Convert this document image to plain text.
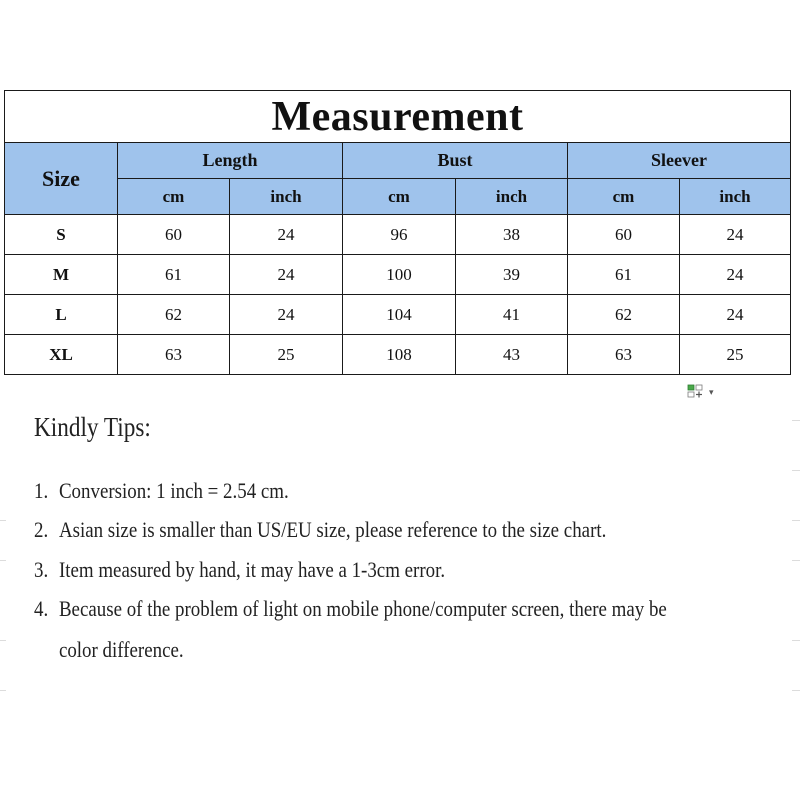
Measurement						
Size	Length		Bust		Sleever	
	cm	inch	cm	inch	cm	inch
S	60	24	96	38	60	24
M	61	24	100	39	61	24
L	62	24	104	41	62	24
XL	63	25	108	43	63	25
▾
Kindly Tips:
1. Conversion: 1 inch = 2.54 cm.
2. Asian size is smaller than US/EU size, please reference to the size chart.
3. Item measured by hand, it may have a 1-3cm error.
4. Because of the problem of light on mobile phone/computer screen, there may be
color difference.
